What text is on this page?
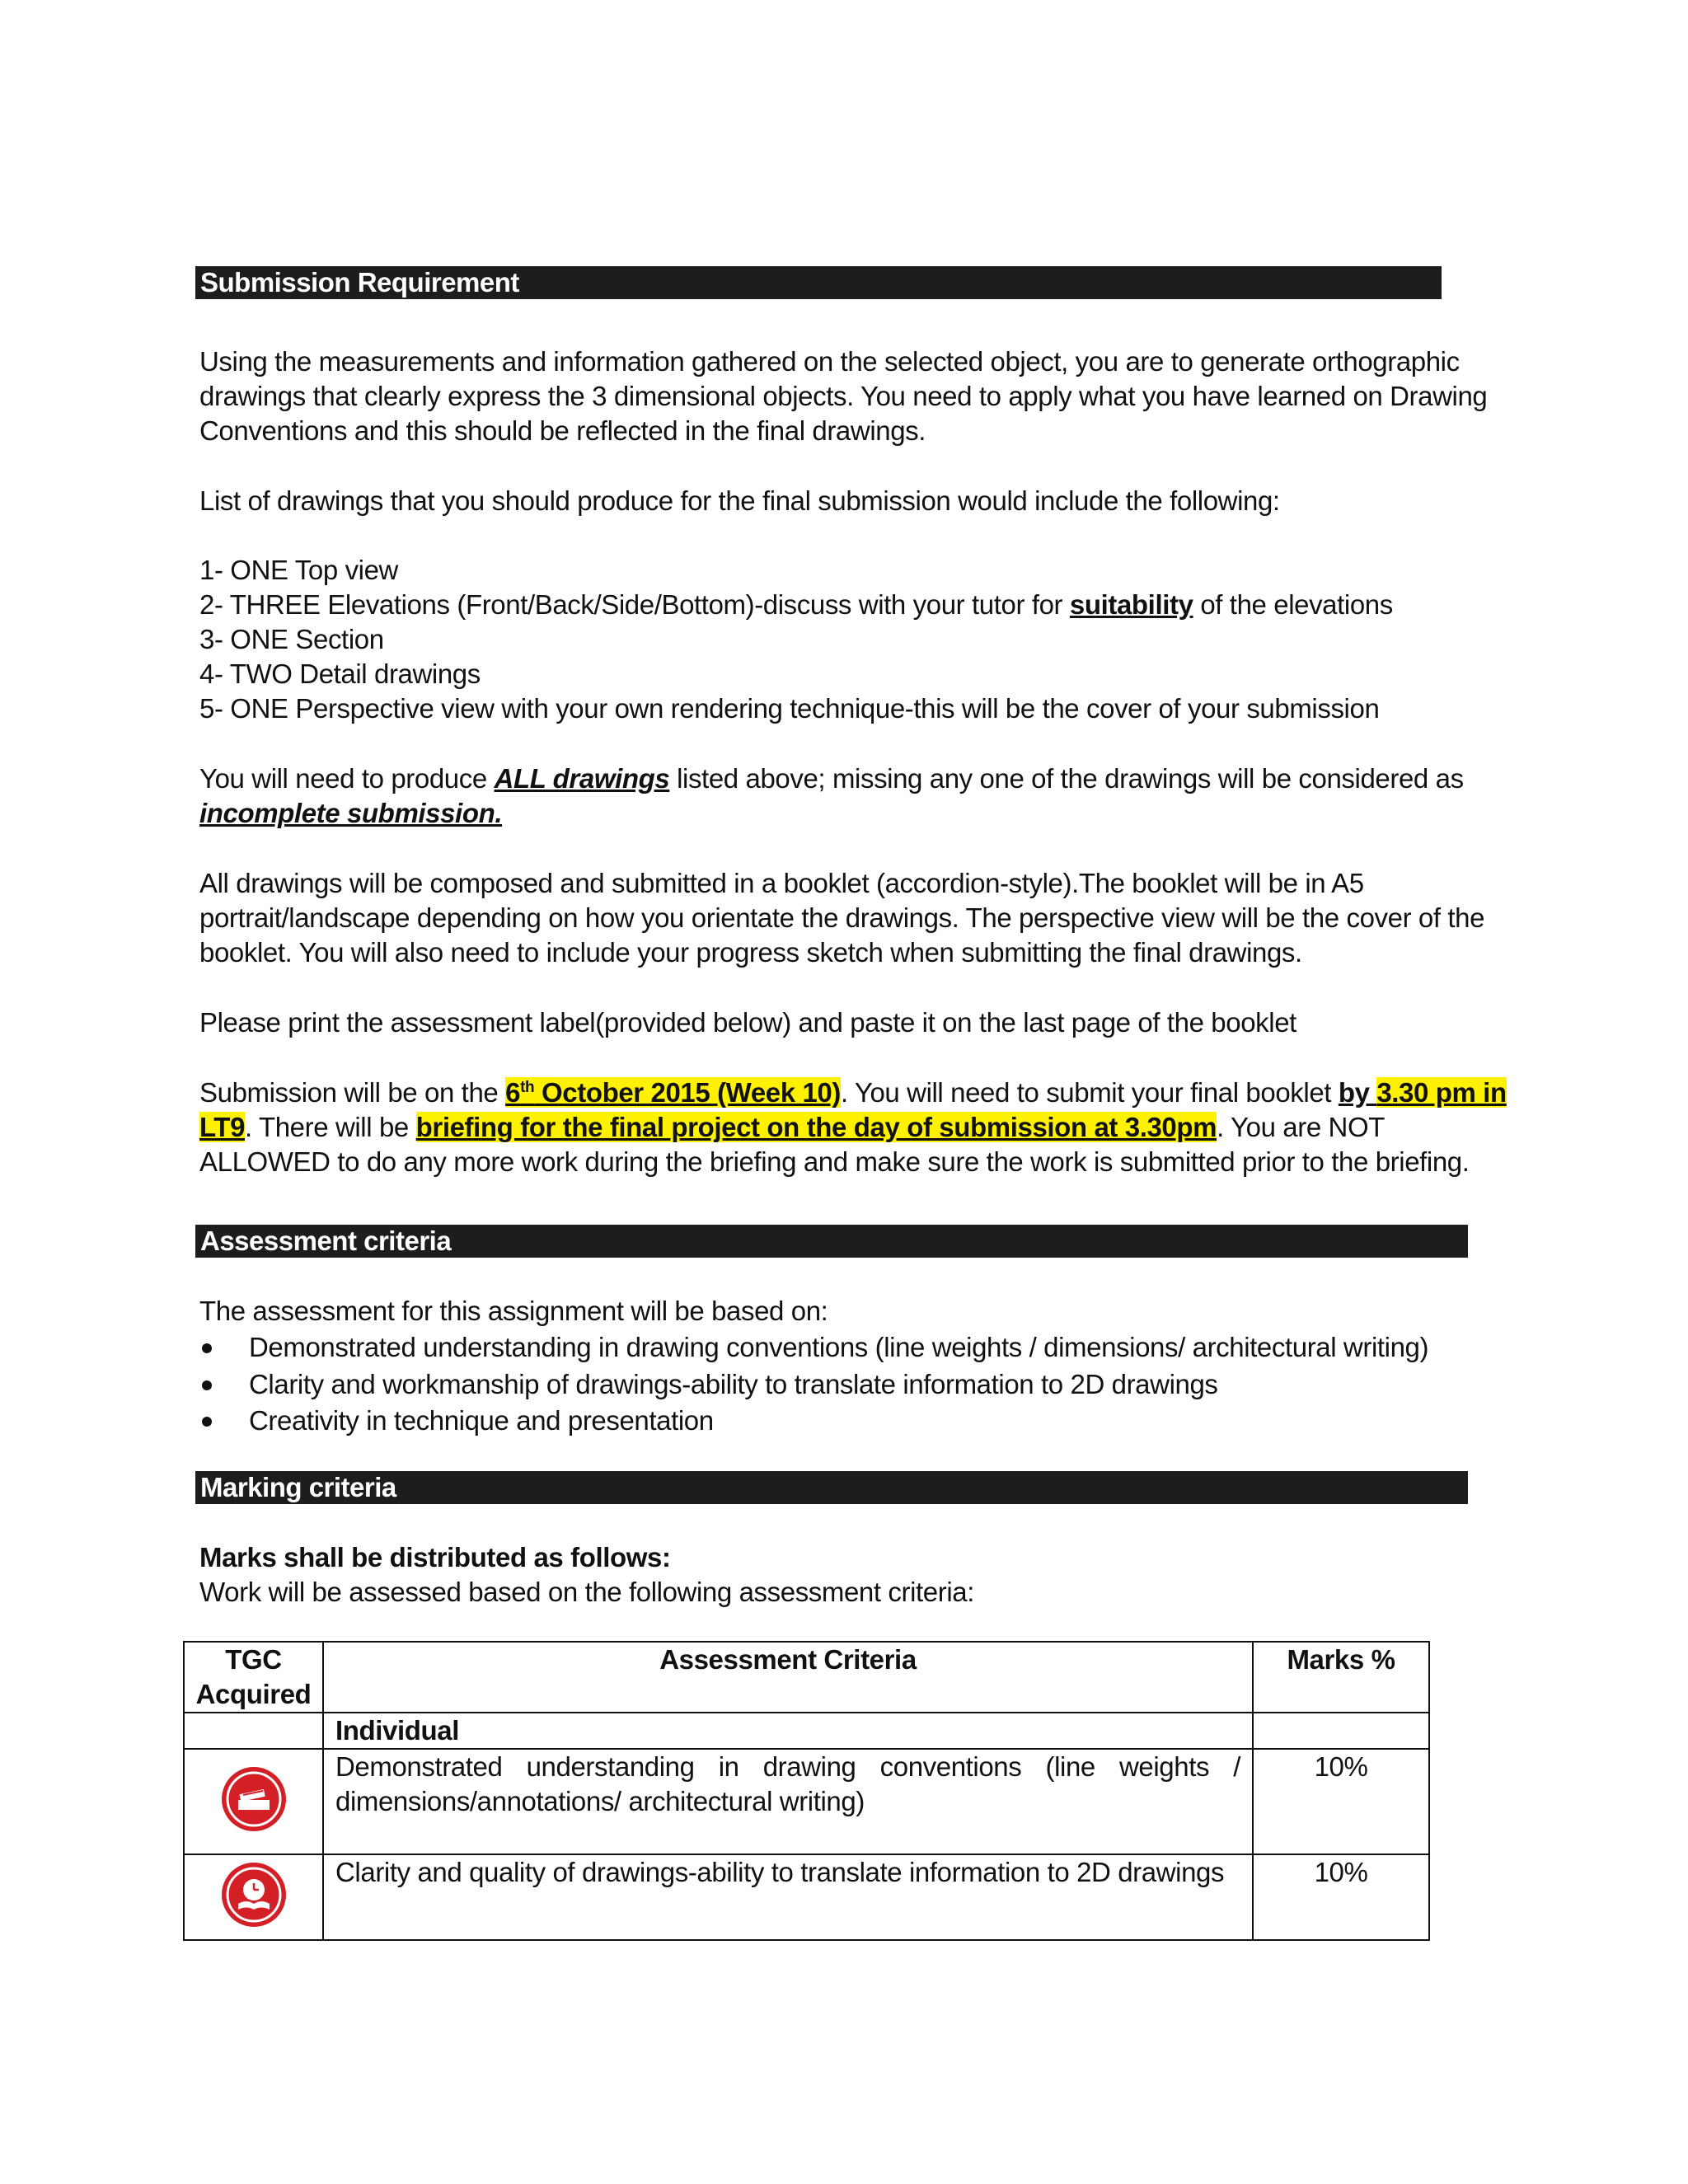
Submission Requirement

Using the measurements and information gathered on the selected object, you are to generate orthographic

drawings that clearly express the 3 dimensional objects. You need to apply what you have learned on Drawing

Conventions and this should be reflected in the final drawings.

List of drawings that you should produce for the final submission would include the following:

1- ONE Top view

2- THREE Elevations (Front/Back/Side/Bottom)-discuss with your tutor for suitability of the elevations

3- ONE Section

4- TWO Detail drawings

5- ONE Perspective view with your own rendering technique-this will be the cover of your submission

You will need to produce ALL drawings listed above; missing any one of the drawings will be considered as

incomplete submission.

All drawings will be composed and submitted in a booklet (accordion-style).The booklet will be in A5

portrait/landscape depending on how you orientate the drawings. The perspective view will be the cover of the

booklet. You will also need to include your progress sketch when submitting the final drawings.

Please print the assessment label(provided below) and paste it on the last page of the booklet

Submission will be on the 6th October 2015 (Week 10). You will need to submit your final booklet by 3.30 pm in

LT9. There will be briefing for the final project on the day of submission at 3.30pm. You are NOT

ALLOWED to do any more work during the briefing and make sure the work is submitted prior to the briefing.

Assessment criteria

The assessment for this assignment will be based on:

Demonstrated understanding in drawing conventions (line weights / dimensions/ architectural writing)
Clarity and workmanship of drawings-ability to translate information to 2D drawings
Creativity in technique and presentation
Marking criteria

Marks shall be distributed as follows:

Work will be assessed based on the following assessment criteria:

TGC Acquired	Assessment Criteria	Marks %
	Individual	

	Demonstrated understanding in drawing conventions (line weights / dimensions/annotations/ architectural writing)	10%

	Clarity and quality of drawings-ability to translate information to 2D drawings	10%
